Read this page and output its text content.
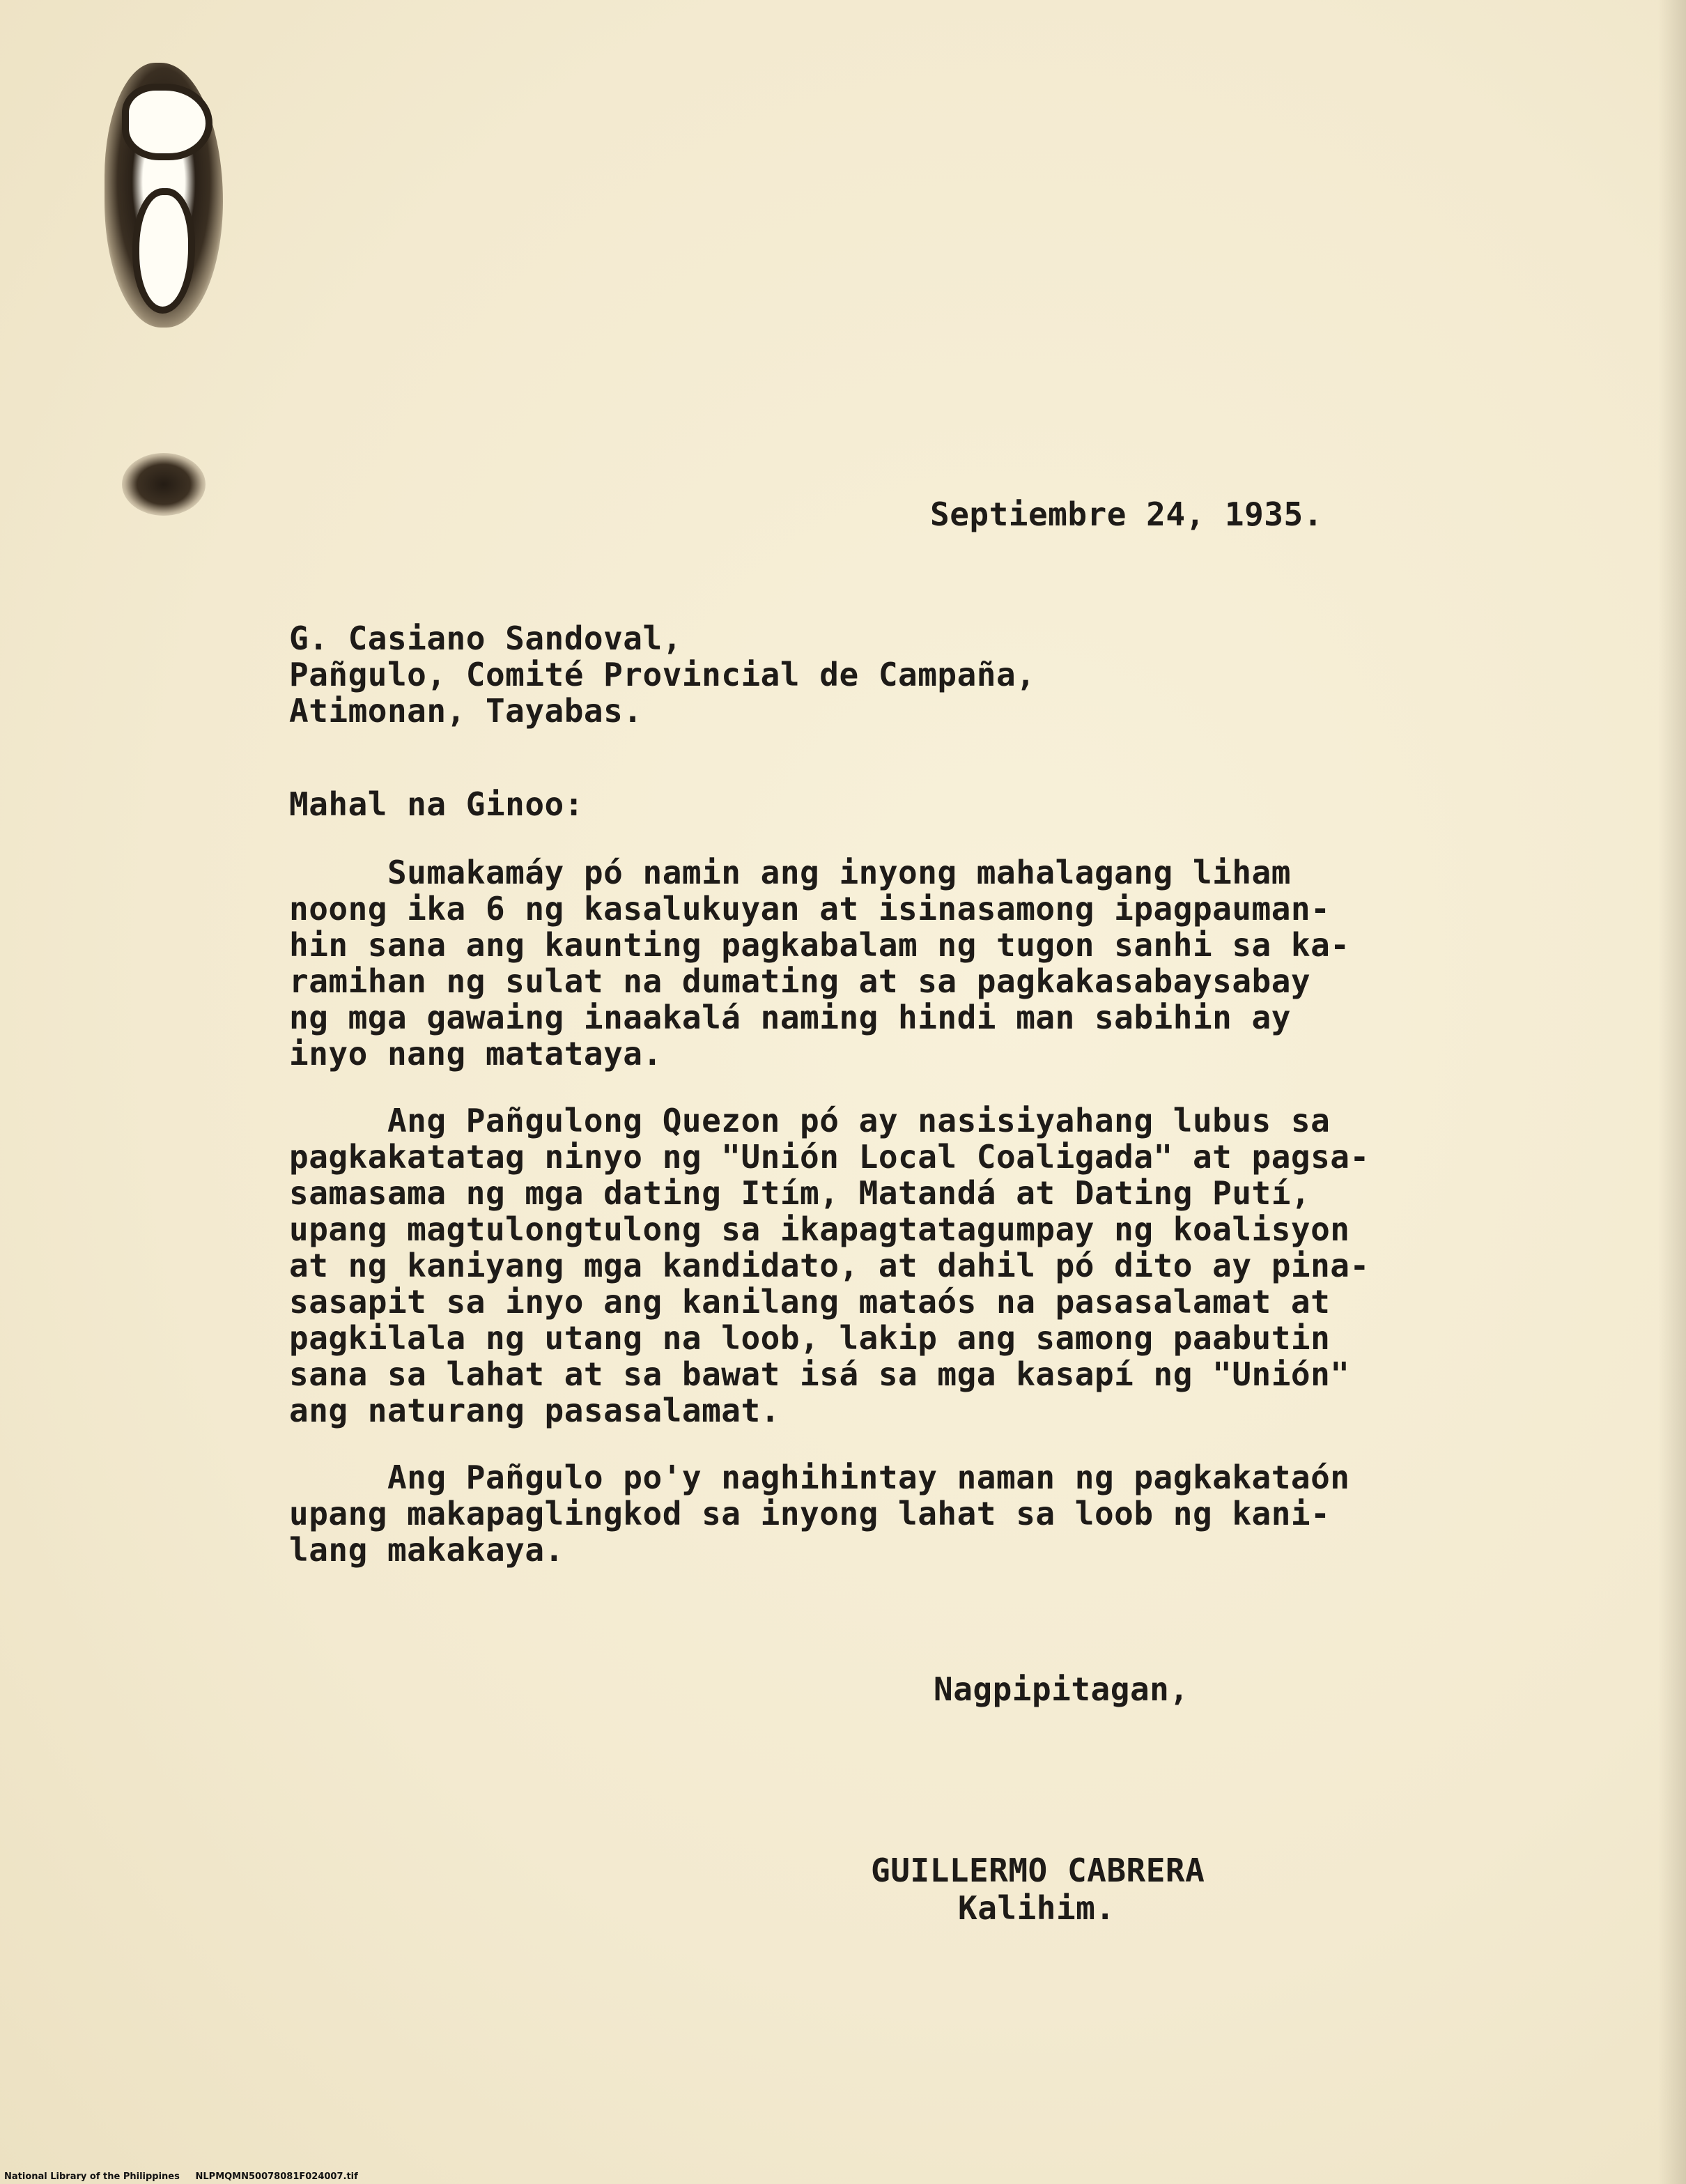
Septiembre 24, 1935.
G. Casiano Sandoval,
Pañgulo, Comité Provincial de Campaña,
Atimonan, Tayabas.
Mahal na Ginoo:
Sumakamáy pó namin ang inyong mahalagang liham
noong ika 6 ng kasalukuyan at isinasamong ipagpauman-
hin sana ang kaunting pagkabalam ng tugon sanhi sa ka-
ramihan ng sulat na dumating at sa pagkakasabaysabay
ng mga gawaing inaakalá naming hindi man sabihin ay
inyo nang matataya.
Ang Pañgulong Quezon pó ay nasisiyahang lubus sa
pagkakatatag ninyo ng "Unión Local Coaligada" at pagsa-
samasama ng mga dating Itím, Matandá at Dating Putí,
upang magtulongtulong sa ikapagtatagumpay ng koalisyon
at ng kaniyang mga kandidato, at dahil pó dito ay pina-
sasapit sa inyo ang kanilang mataós na pasasalamat at
pagkilala ng utang na loob, lakip ang samong paabutin
sana sa lahat at sa bawat isá sa mga kasapí ng "Unión"
ang naturang pasasalamat.
Ang Pañgulo po'y naghihintay naman ng pagkakataón
upang makapaglingkod sa inyong lahat sa loob ng kani-
lang makakaya.
Nagpipitagan,
GUILLERMO CABRERA
Kalihim.
National Library of the Philippines NLPMQMN50078081F024007.tif
